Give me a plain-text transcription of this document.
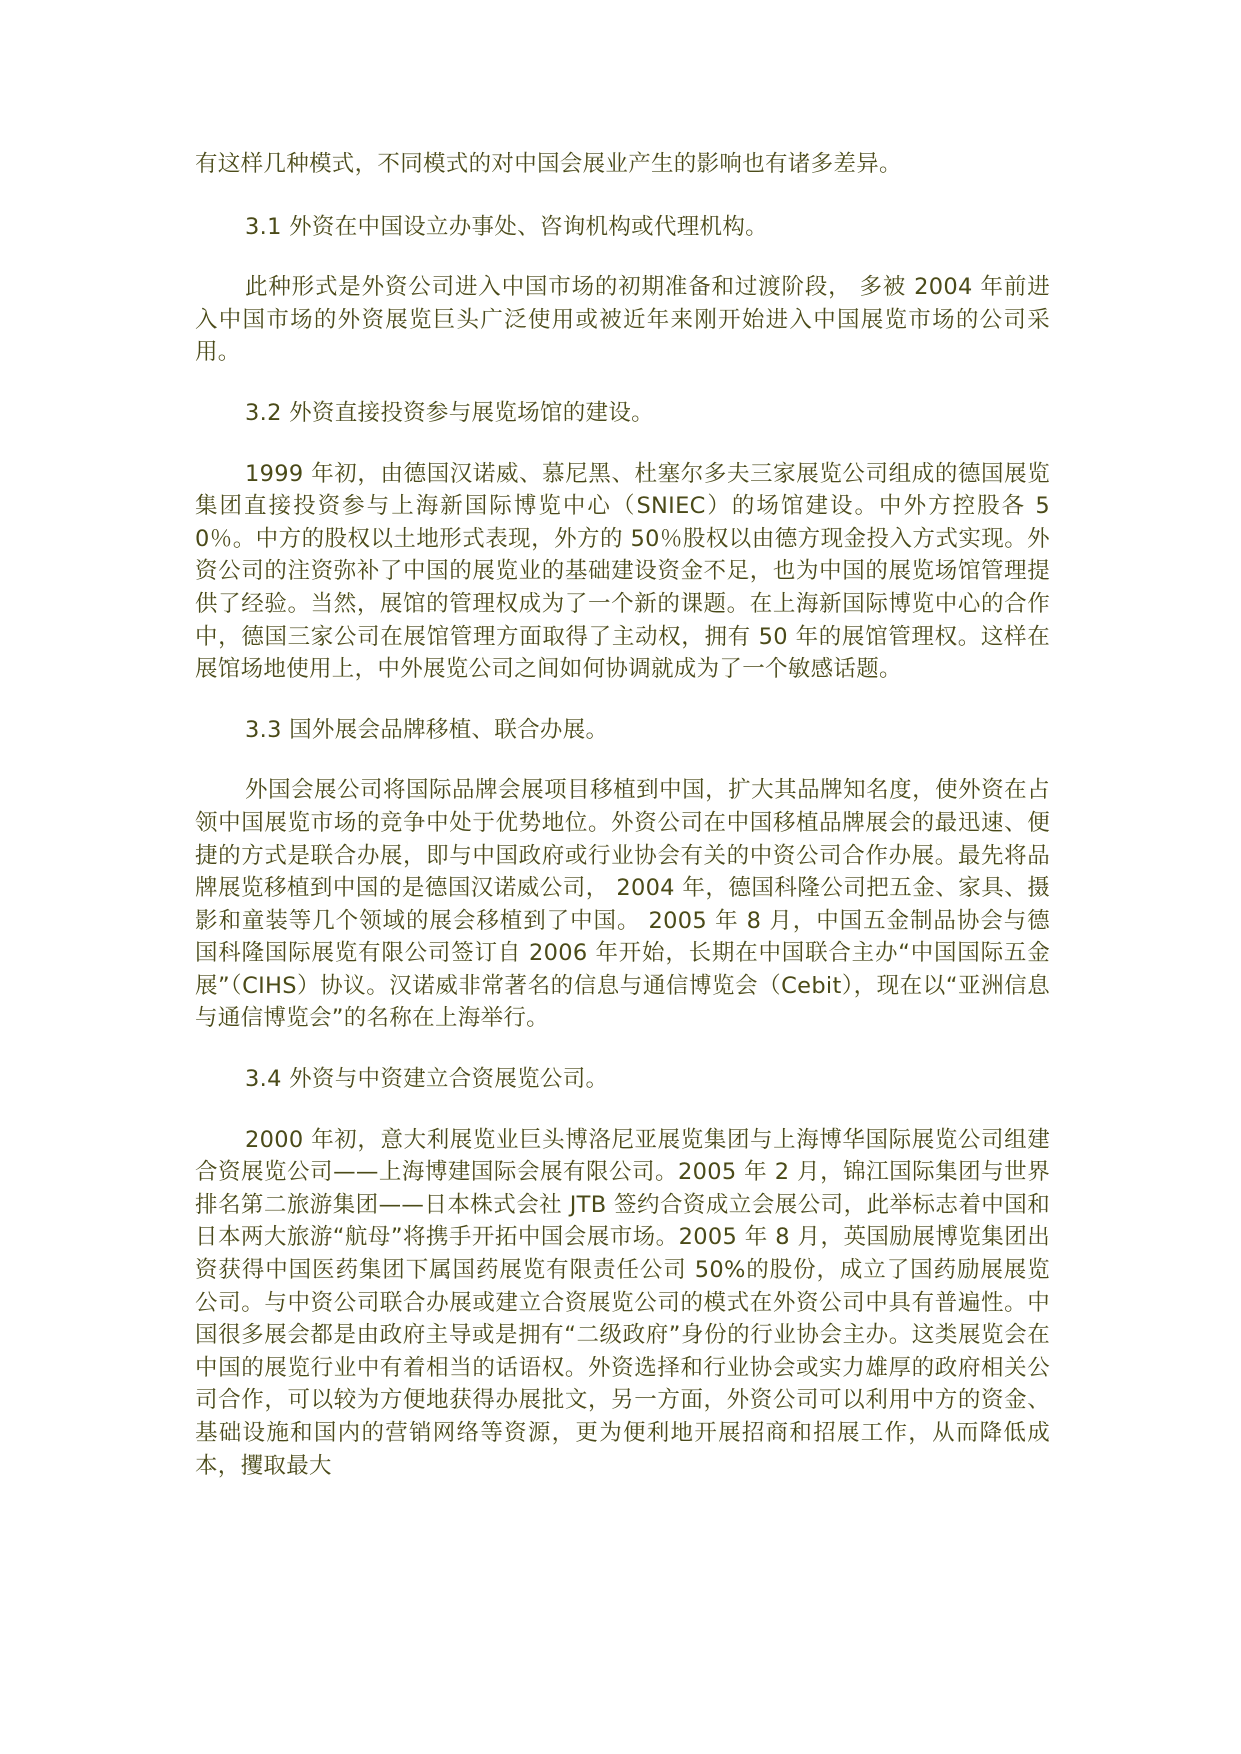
有这样几种模式，不同模式的对中国会展业产生的影响也有诸多差异。

3.1 外资在中国设立办事处、咨询机构或代理机构。

此种形式是外资公司进入中国市场的初期准备和过渡阶段， 多被 2004 年前进入中国市场的外资展览巨头广泛使用或被近年来刚开始进入中国展览市场的公司采用。

3.2 外资直接投资参与展览场馆的建设。

1999 年初，由德国汉诺威、慕尼黑、杜塞尔多夫三家展览公司组成的德国展览集团直接投资参与上海新国际博览中心（SNIEC）的场馆建设。中外方控股各 50％。中方的股权以土地形式表现，外方的 50％股权以由德方现金投入方式实现。外资公司的注资弥补了中国的展览业的基础建设资金不足，也为中国的展览场馆管理提供了经验。当然，展馆的管理权成为了一个新的课题。在上海新国际博览中心的合作中，德国三家公司在展馆管理方面取得了主动权，拥有 50 年的展馆管理权。这样在展馆场地使用上，中外展览公司之间如何协调就成为了一个敏感话题。

3.3 国外展会品牌移植、联合办展。

外国会展公司将国际品牌会展项目移植到中国，扩大其品牌知名度，使外资在占领中国展览市场的竞争中处于优势地位。外资公司在中国移植品牌展会的最迅速、便捷的方式是联合办展，即与中国政府或行业协会有关的中资公司合作办展。最先将品牌展览移植到中国的是德国汉诺威公司， 2004 年，德国科隆公司把五金、家具、摄影和童装等几个领域的展会移植到了中国。 2005 年 8 月，中国五金制品协会与德国科隆国际展览有限公司签订自 2006 年开始，长期在中国联合主办“中国国际五金展”（CIHS）协议。汉诺威非常著名的信息与通信博览会（Cebit），现在以“亚洲信息与通信博览会”的名称在上海举行。

3.4 外资与中资建立合资展览公司。

2000 年初，意大利展览业巨头博洛尼亚展览集团与上海博华国际展览公司组建合资展览公司——上海博建国际会展有限公司。2005 年 2 月，锦江国际集团与世界排名第二旅游集团——日本株式会社 JTB 签约合资成立会展公司，此举标志着中国和日本两大旅游“航母”将携手开拓中国会展市场。2005 年 8 月，英国励展博览集团出资获得中国医药集团下属国药展览有限责任公司 50%的股份，成立了国药励展展览公司。与中资公司联合办展或建立合资展览公司的模式在外资公司中具有普遍性。中国很多展会都是由政府主导或是拥有“二级政府”身份的行业协会主办。这类展览会在中国的展览行业中有着相当的话语权。外资选择和行业协会或实力雄厚的政府相关公司合作，可以较为方便地获得办展批文，另一方面，外资公司可以利用中方的资金、基础设施和国内的营销网络等资源，更为便利地开展招商和招展工作，从而降低成本，攫取最大
